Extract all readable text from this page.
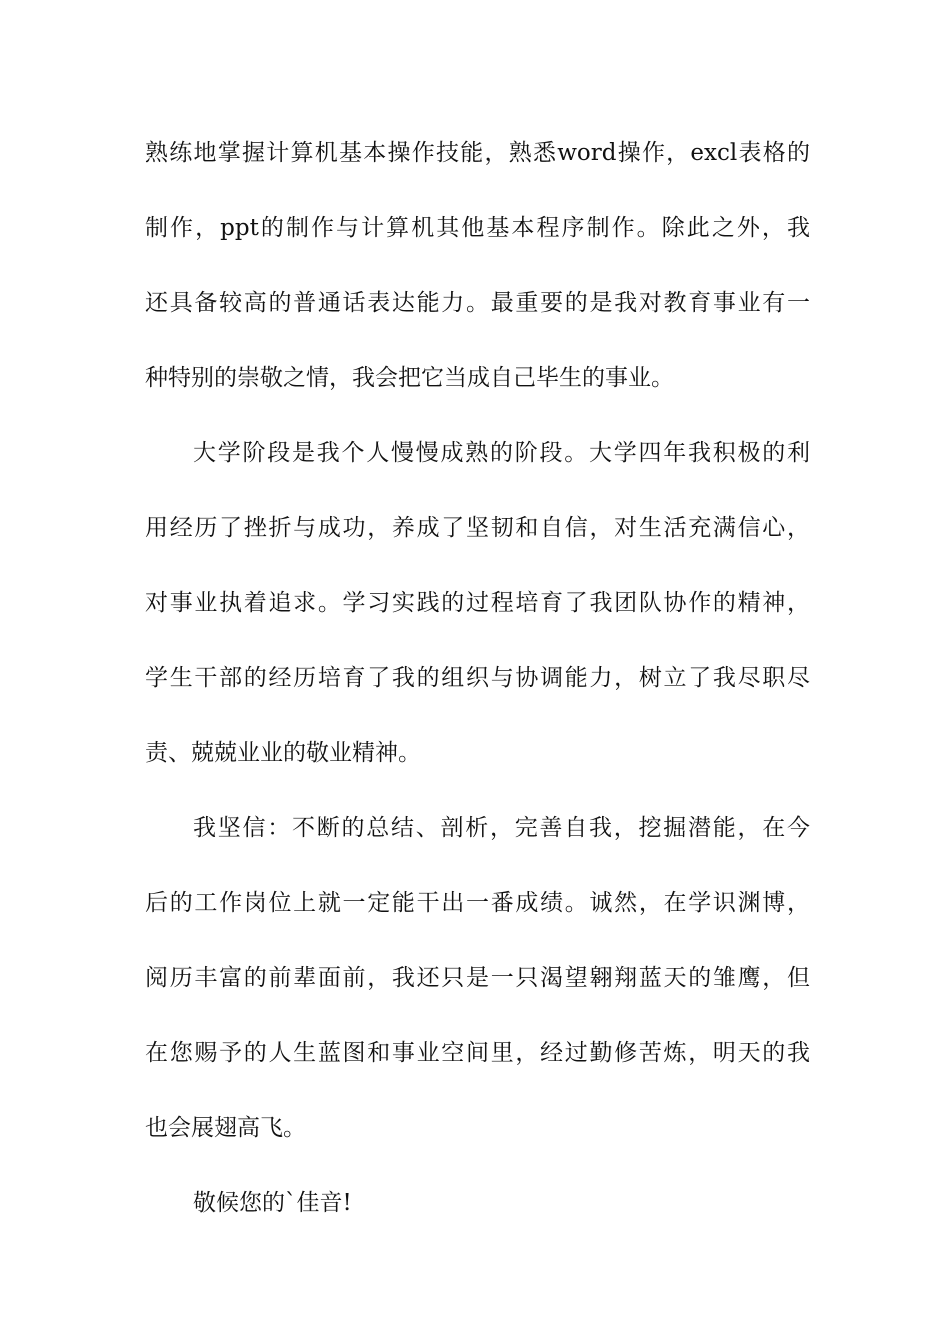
熟练地掌握计算机基本操作技能，熟悉word操作，excl表格的
制作，ppt的制作与计算机其他基本程序制作。除此之外，我
还具备较高的普通话表达能力。最重要的是我对教育事业有一
种特别的崇敬之情，我会把它当成自己毕生的事业。
大学阶段是我个人慢慢成熟的阶段。大学四年我积极的利
用经历了挫折与成功，养成了坚韧和自信，对生活充满信心，
对事业执着追求。学习实践的过程培育了我团队协作的精神，
学生干部的经历培育了我的组织与协调能力，树立了我尽职尽
责、兢兢业业的敬业精神。
我坚信：不断的总结、剖析，完善自我，挖掘潜能，在今
后的工作岗位上就一定能干出一番成绩。诚然，在学识渊博，
阅历丰富的前辈面前，我还只是一只渴望翱翔蓝天的雏鹰，但
在您赐予的人生蓝图和事业空间里，经过勤修苦炼，明天的我
也会展翅高飞。
敬候您的`佳音!
